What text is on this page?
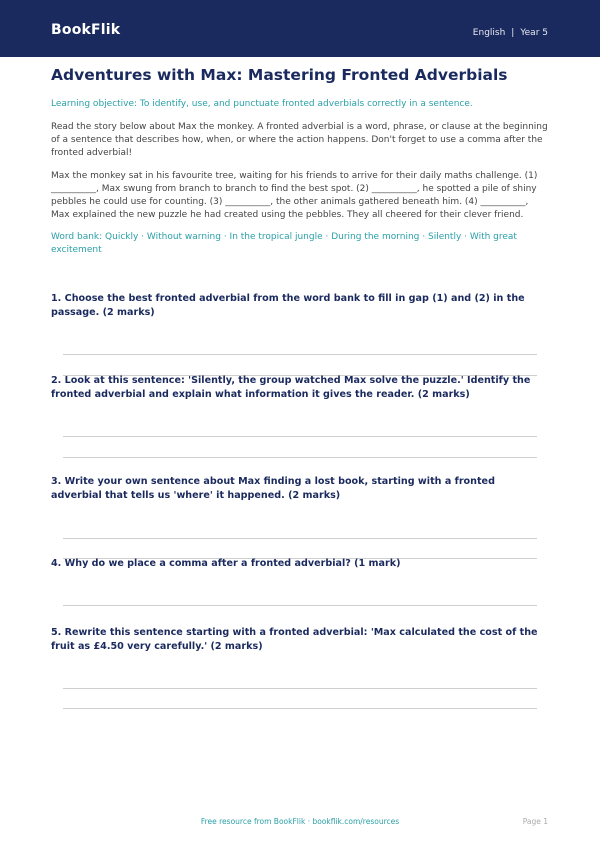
BookFlik	English | Year 5
Adventures with Max: Mastering Fronted Adverbials
Learning objective: To identify, use, and punctuate fronted adverbials correctly in a sentence.

Read the story below about Max the monkey. A fronted adverbial is a word, phrase, or clause at the beginning of a sentence that describes how, when, or where the action happens. Don't forget to use a comma after the fronted adverbial!

Max the monkey sat in his favourite tree, waiting for his friends to arrive for their daily maths challenge. (1) __________, Max swung from branch to branch to find the best spot. (2) __________, he spotted a pile of shiny pebbles he could use for counting. (3) __________, the other animals gathered beneath him. (4) __________, Max explained the new puzzle he had created using the pebbles. They all cheered for their clever friend.

Word bank: Quickly · Without warning · In the tropical jungle · During the morning · Silently · With great excitement
1. Choose the best fronted adverbial from the word bank to fill in gap (1) and (2) in the passage. (2 marks)
2. Look at this sentence: 'Silently, the group watched Max solve the puzzle.' Identify the fronted adverbial and explain what information it gives the reader. (2 marks)
3. Write your own sentence about Max finding a lost book, starting with a fronted adverbial that tells us 'where' it happened. (2 marks)
4. Why do we place a comma after a fronted adverbial? (1 mark)
5. Rewrite this sentence starting with a fronted adverbial: 'Max calculated the cost of the fruit as £4.50 very carefully.' (2 marks)
Free resource from BookFlik · bookflik.com/resources	Page 1
